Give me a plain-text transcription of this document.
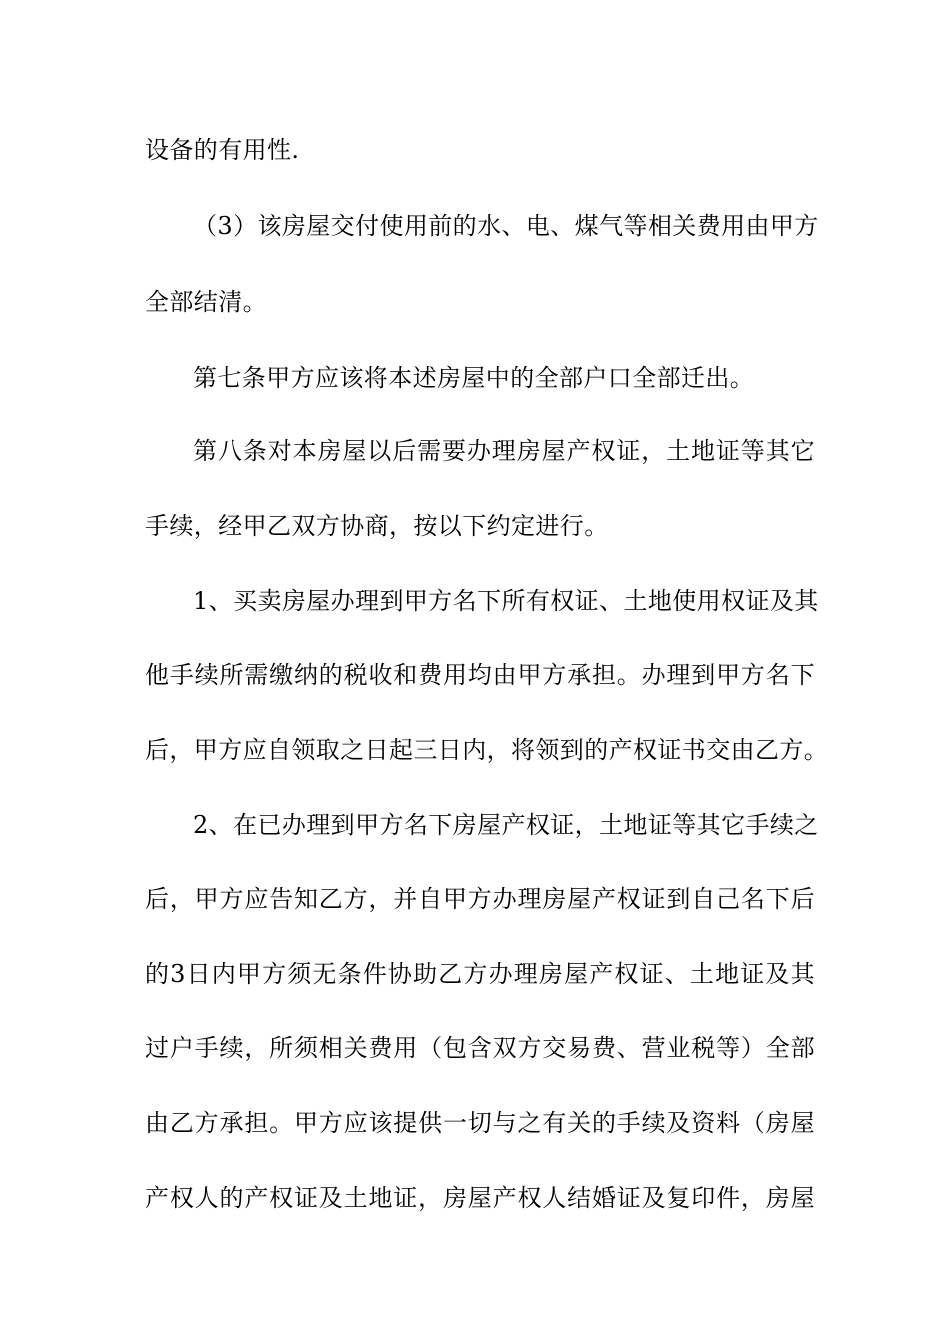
设备的有用性.
（3）该房屋交付使用前的水、电、煤气等相关费用由甲方
全部结清。
第七条甲方应该将本述房屋中的全部户口全部迁出。
第八条对本房屋以后需要办理房屋产权证，土地证等其它
手续，经甲乙双方协商，按以下约定进行。
1、买卖房屋办理到甲方名下所有权证、土地使用权证及其
他手续所需缴纳的税收和费用均由甲方承担。办理到甲方名下
后，甲方应自领取之日起三日内，将领到的产权证书交由乙方。
2、在已办理到甲方名下房屋产权证，土地证等其它手续之
后，甲方应告知乙方，并自甲方办理房屋产权证到自己名下后
的3日内甲方须无条件协助乙方办理房屋产权证、土地证及其
过户手续，所须相关费用（包含双方交易费、营业税等）全部
由乙方承担。甲方应该提供一切与之有关的手续及资料（房屋
产权人的产权证及土地证，房屋产权人结婚证及复印件，房屋
